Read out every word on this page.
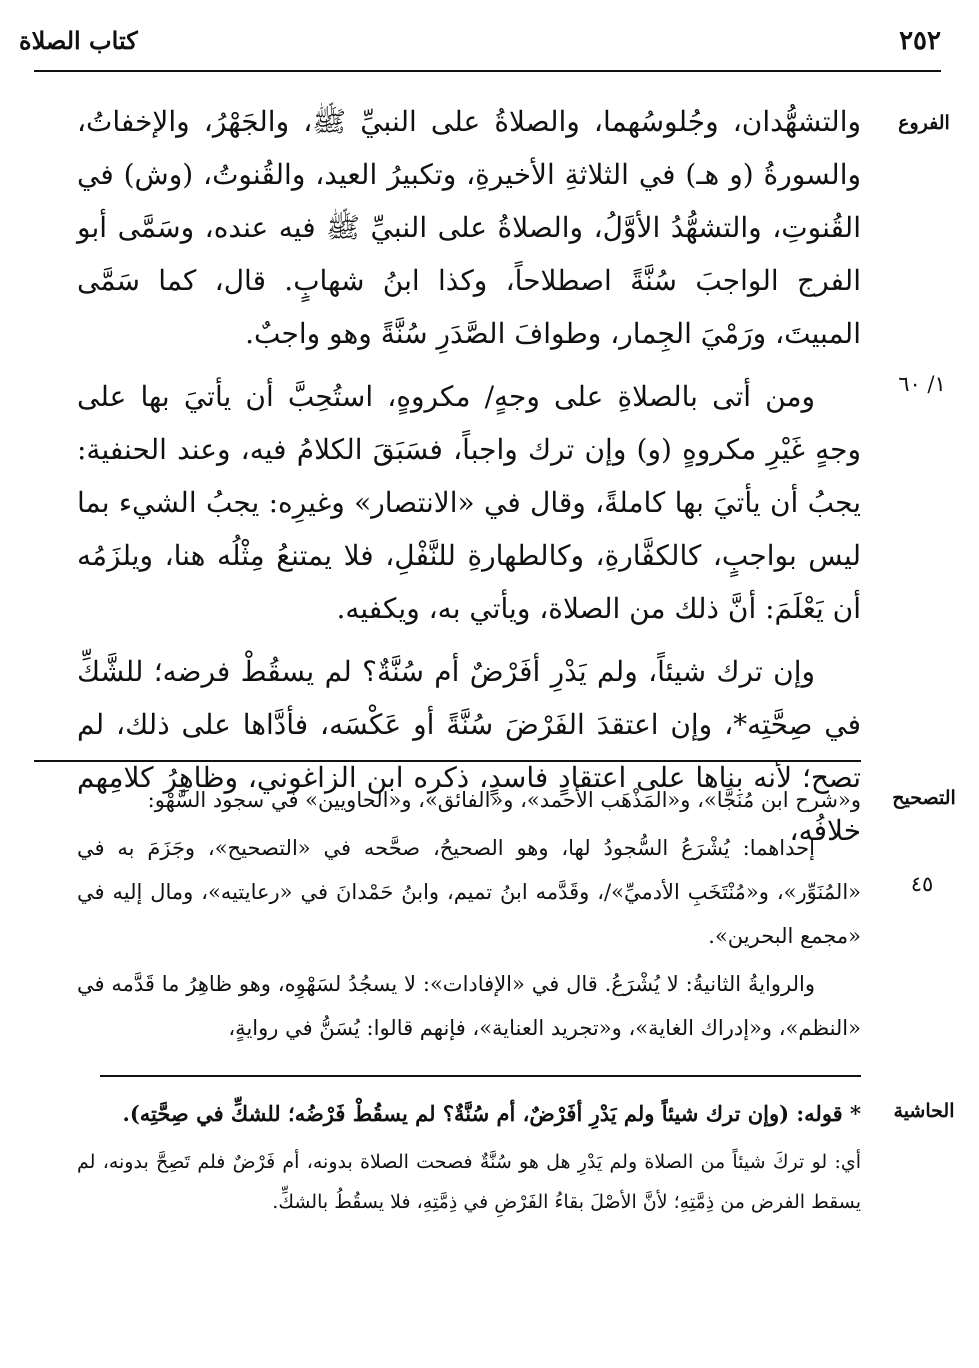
٢٥٢
كتاب الصلاة
الفروع
١/ ٦٠
التصحيح
٤٥
الحاشية

والتشهُّدان، وجُلوسُهما، والصلاةُ على النبيِّ ﷺ، والجَهْرُ، والإخفاتُ، والسورةُ (و هـ) في الثلاثةِ الأخيرةِ، وتكبيرُ العيد، والقُنوتُ، (وش) في القُنوتِ، والتشهُّدُ الأوَّلُ، والصلاةُ على النبيِّ ﷺ فيه عنده، وسَمَّى أبو الفرج الواجبَ سُنَّةً اصطلاحاً، وكذا ابنُ شهابٍ. قال، كما سَمَّى المبيتَ، ورَمْيَ الجِمار، وطوافَ الصَّدَرِ سُنَّةً وهو واجبٌ.

ومن أتى بالصلاةِ على وجهٍ/ مكروهٍ، استُحِبَّ أن يأتيَ بها على وجهٍ غَيْرِ مكروهٍ (و) وإن ترك واجباً، فسَبَقَ الكلامُ فيه، وعند الحنفية: يجبُ أن يأتيَ بها كاملةً، وقال في «الانتصار» وغيرِه: يجبُ الشيء بما ليس بواجبٍ، كالكفَّارةِ، وكالطهارةِ للنَّفْلِ، فلا يمتنعُ مِثْلُه هنا، ويلزَمُه أن يَعْلَمَ: أنَّ ذلك من الصلاة، ويأتي به، ويكفيه.

وإن ترك شيئاً، ولم يَدْرِ أفَرْضٌ أم سُنَّةٌ؟ لم يسقُطْ فرضه؛ للشَّكِّ في صِحَّتِه*، وإن اعتقدَ الفَرْضَ سُنَّةً أو عَكْسَه، فأدَّاها على ذلك، لم تصح؛ لأنه بناها على اعتقادٍ فاسدٍ، ذكره ابن الزاغوني، وظاهِرُ كلامِهم خلافُه،

و«شرح ابن مُنَجَّا»، و«المَذْهَب الأحمد»، و«الفائق»، و«الحاويين» في سجود السَّهْو:

إحداهما: يُشْرَعُ السُّجودُ لها، وهو الصحيحُ، صحَّحه في «التصحيح»، وجَزَمَ به في «المُنَوِّر»، و«مُنْتَخَبِ الأدميِّ»/، وقَدَّمه ابنُ تميم، وابنُ حَمْدانَ في «رعايتيه»، ومال إليه في «مجمع البحرين».

والروايةُ الثانيةُ: لا يُشْرَعُ. قال في «الإفادات»: لا يسجُدُ لسَهْوِه، وهو ظاهِرُ ما قَدَّمه في «النظم»، و«إدراك الغاية»، و«تجريد العناية»، فإنهم قالوا: يُسَنُّ في روايةٍ،

* قوله: (وإن ترك شيئاً ولم يَدْرِ أفَرْضٌ، أم سُنَّةٌ؟ لم يسقُطْ فَرْضُه؛ للشكِّ في صِحَّتِه).

أي: لو تركَ شيئاً من الصلاة ولم يَدْرِ هل هو سُنَّةٌ فصحت الصلاة بدونه، أم فَرْضٌ فلم تَصِحَّ بدونه، لم يسقط الفرض من ذِمَّتِهِ؛ لأنَّ الأصْلَ بقاءُ الفَرْضِ في ذِمَّتِهِ، فلا يسقُطُ بالشكِّ.
